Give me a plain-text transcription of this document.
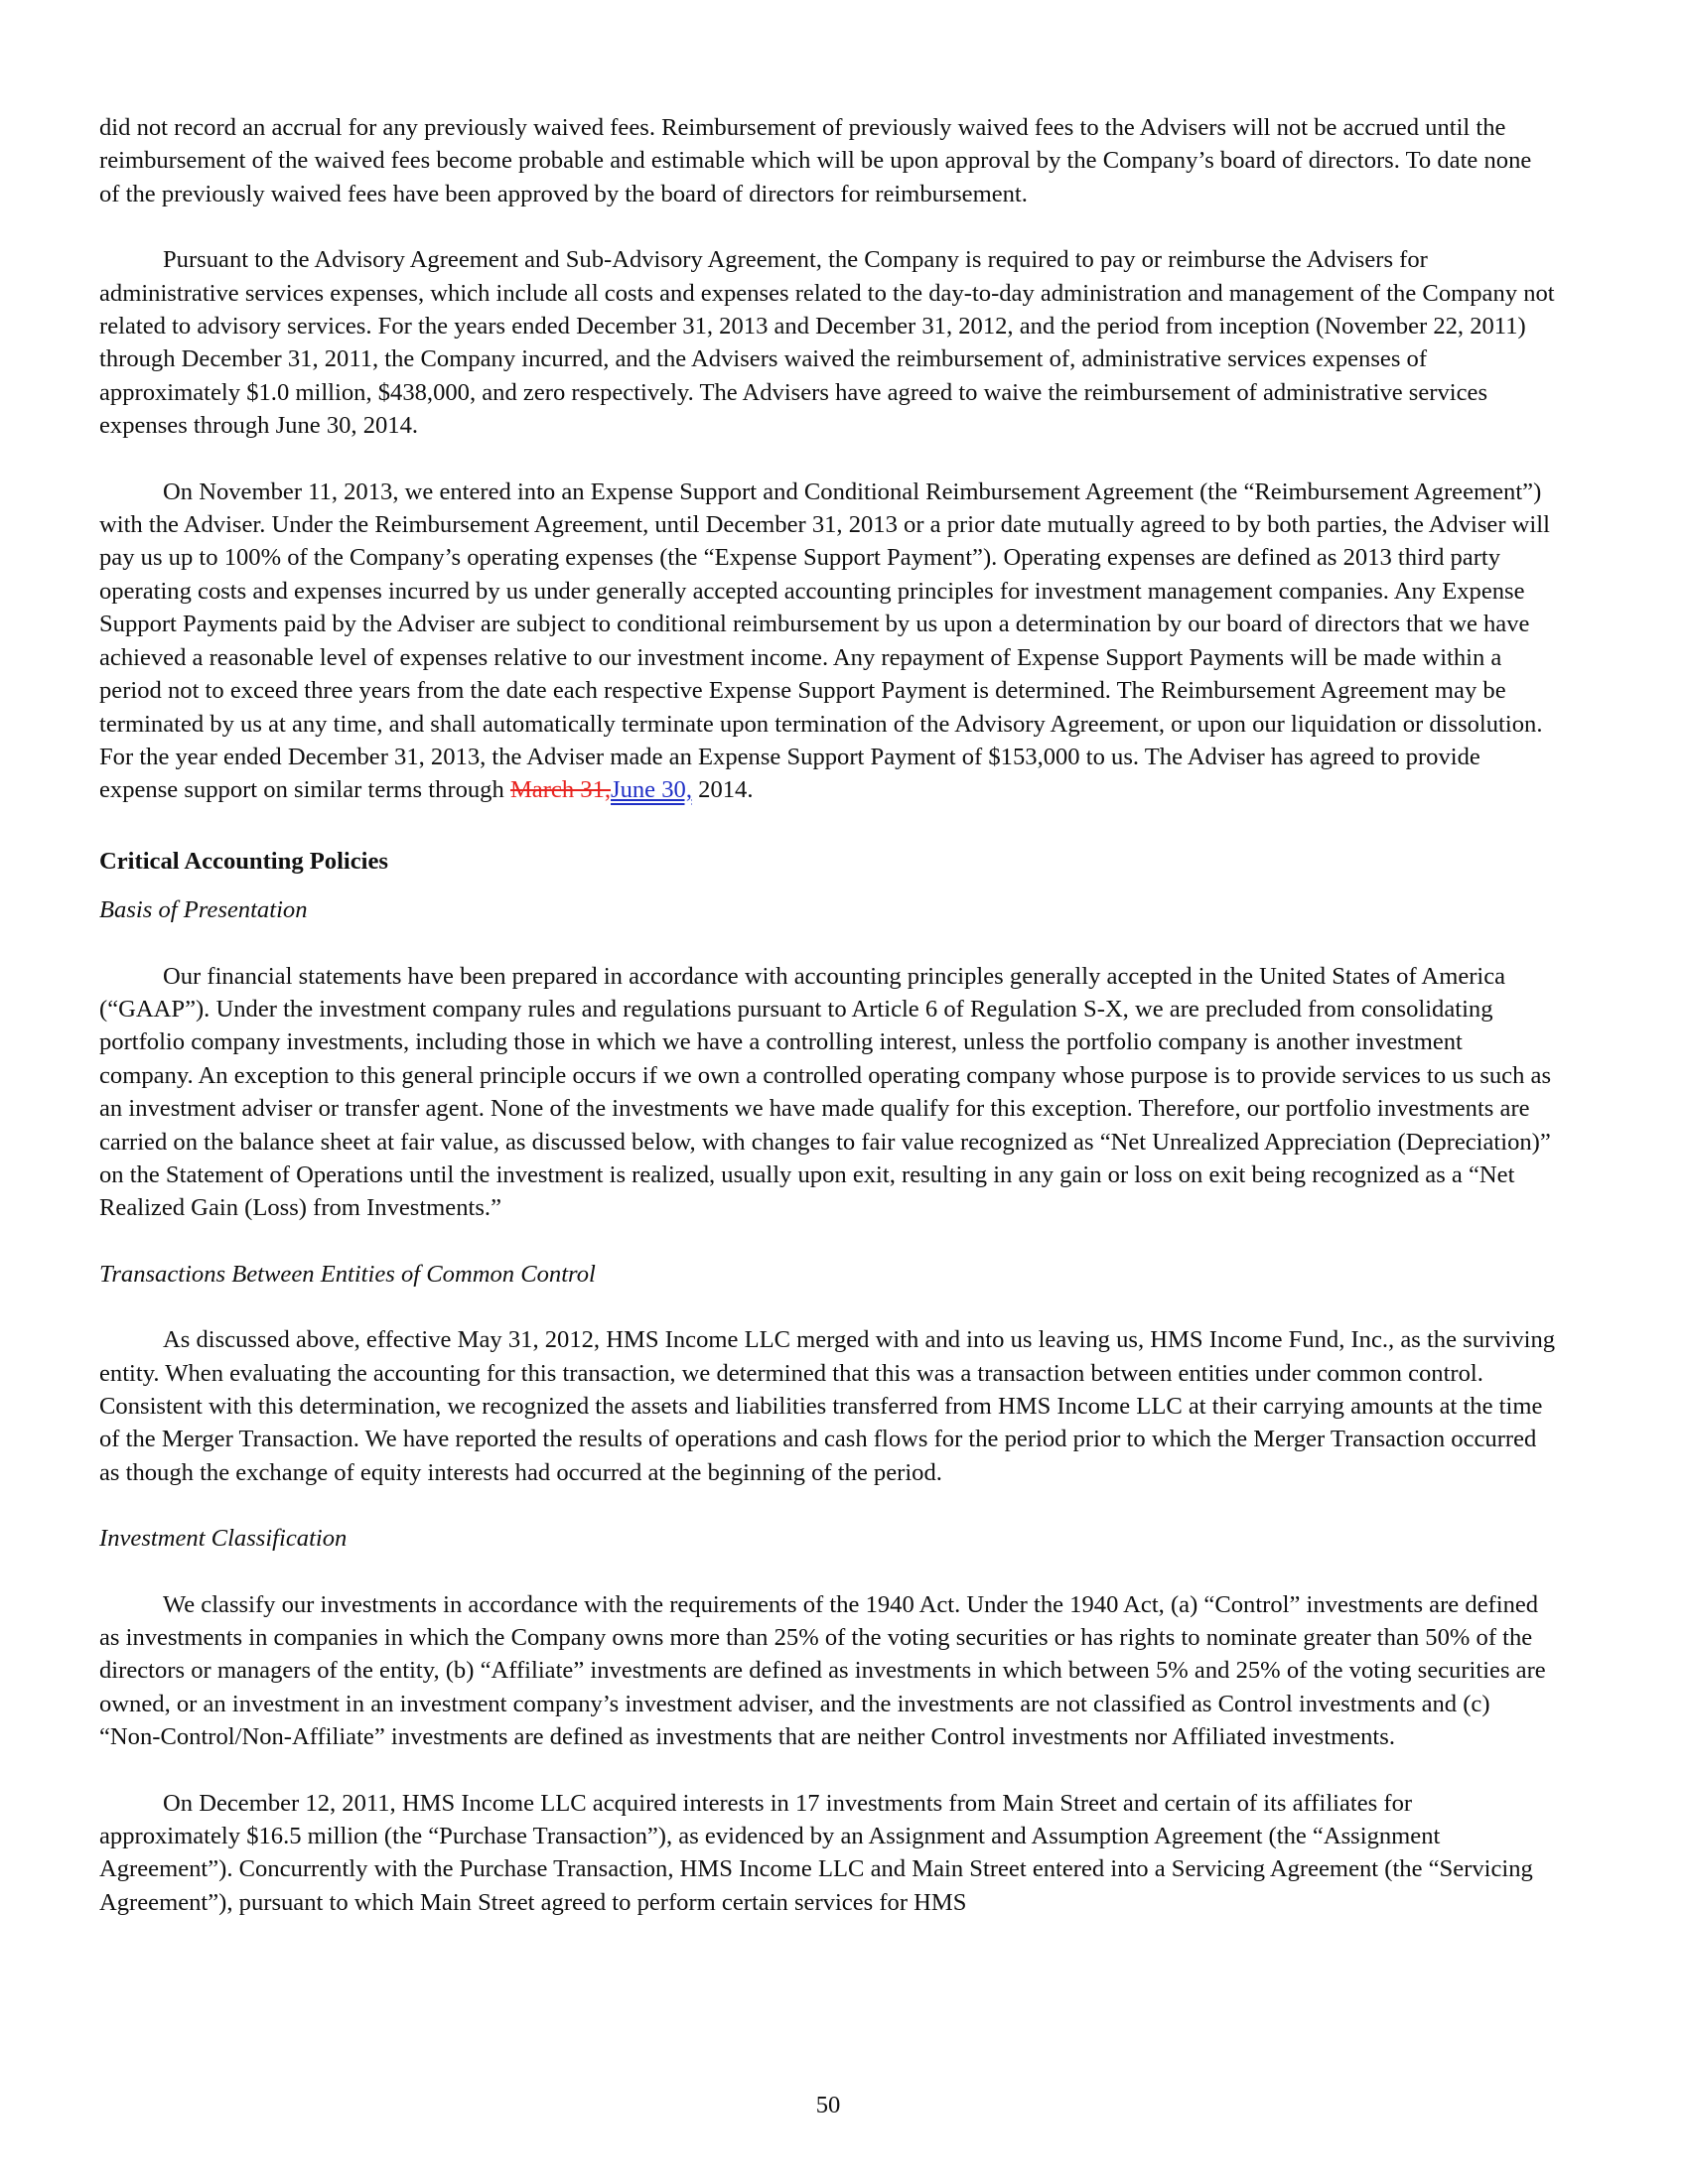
did not record an accrual for any previously waived fees. Reimbursement of previously waived fees to the Advisers will not be accrued until the reimbursement of the waived fees become probable and estimable which will be upon approval by the Company’s board of directors. To date none of the previously waived fees have been approved by the board of directors for reimbursement.

Pursuant to the Advisory Agreement and Sub-Advisory Agreement, the Company is required to pay or reimburse the Advisers for administrative services expenses, which include all costs and expenses related to the day-to-day administration and management of the Company not related to advisory services. For the years ended December 31, 2013 and December 31, 2012, and the period from inception (November 22, 2011) through December 31, 2011, the Company incurred, and the Advisers waived the reimbursement of, administrative services expenses of approximately $1.0 million, $438,000, and zero respectively. The Advisers have agreed to waive the reimbursement of administrative services expenses through June 30, 2014.

On November 11, 2013, we entered into an Expense Support and Conditional Reimbursement Agreement (the “Reimbursement Agreement”) with the Adviser. Under the Reimbursement Agreement, until December 31, 2013 or a prior date mutually agreed to by both parties, the Adviser will pay us up to 100% of the Company’s operating expenses (the “Expense Support Payment”). Operating expenses are defined as 2013 third party operating costs and expenses incurred by us under generally accepted accounting principles for investment management companies. Any Expense Support Payments paid by the Adviser are subject to conditional reimbursement by us upon a determination by our board of directors that we have achieved a reasonable level of expenses relative to our investment income. Any repayment of Expense Support Payments will be made within a period not to exceed three years from the date each respective Expense Support Payment is determined. The Reimbursement Agreement may be terminated by us at any time, and shall automatically terminate upon termination of the Advisory Agreement, or upon our liquidation or dissolution. For the year ended December 31, 2013, the Adviser made an Expense Support Payment of $153,000 to us. The Adviser has agreed to provide expense support on similar terms through March 31,June 30, 2014.

Critical Accounting Policies
Basis of Presentation

Our financial statements have been prepared in accordance with accounting principles generally accepted in the United States of America (“GAAP”). Under the investment company rules and regulations pursuant to Article 6 of Regulation S-X, we are precluded from consolidating portfolio company investments, including those in which we have a controlling interest, unless the portfolio company is another investment company. An exception to this general principle occurs if we own a controlled operating company whose purpose is to provide services to us such as an investment adviser or transfer agent. None of the investments we have made qualify for this exception. Therefore, our portfolio investments are carried on the balance sheet at fair value, as discussed below, with changes to fair value recognized as “Net Unrealized Appreciation (Depreciation)” on the Statement of Operations until the investment is realized, usually upon exit, resulting in any gain or loss on exit being recognized as a “Net Realized Gain (Loss) from Investments.”

Transactions Between Entities of Common Control

As discussed above, effective May 31, 2012, HMS Income LLC merged with and into us leaving us, HMS Income Fund, Inc., as the surviving entity. When evaluating the accounting for this transaction, we determined that this was a transaction between entities under common control. Consistent with this determination, we recognized the assets and liabilities transferred from HMS Income LLC at their carrying amounts at the time of the Merger Transaction. We have reported the results of operations and cash flows for the period prior to which the Merger Transaction occurred as though the exchange of equity interests had occurred at the beginning of the period.

Investment Classification

We classify our investments in accordance with the requirements of the 1940 Act. Under the 1940 Act, (a) “Control” investments are defined as investments in companies in which the Company owns more than 25% of the voting securities or has rights to nominate greater than 50% of the directors or managers of the entity, (b) “Affiliate” investments are defined as investments in which between 5% and 25% of the voting securities are owned, or an investment in an investment company’s investment adviser, and the investments are not classified as Control investments and (c) “Non-Control/Non-Affiliate” investments are defined as investments that are neither Control investments nor Affiliated investments.

On December 12, 2011, HMS Income LLC acquired interests in 17 investments from Main Street and certain of its affiliates for approximately $16.5 million (the “Purchase Transaction”), as evidenced by an Assignment and Assumption Agreement (the “Assignment Agreement”). Concurrently with the Purchase Transaction, HMS Income LLC and Main Street entered into a Servicing Agreement (the “Servicing Agreement”), pursuant to which Main Street agreed to perform certain services for HMS

50
